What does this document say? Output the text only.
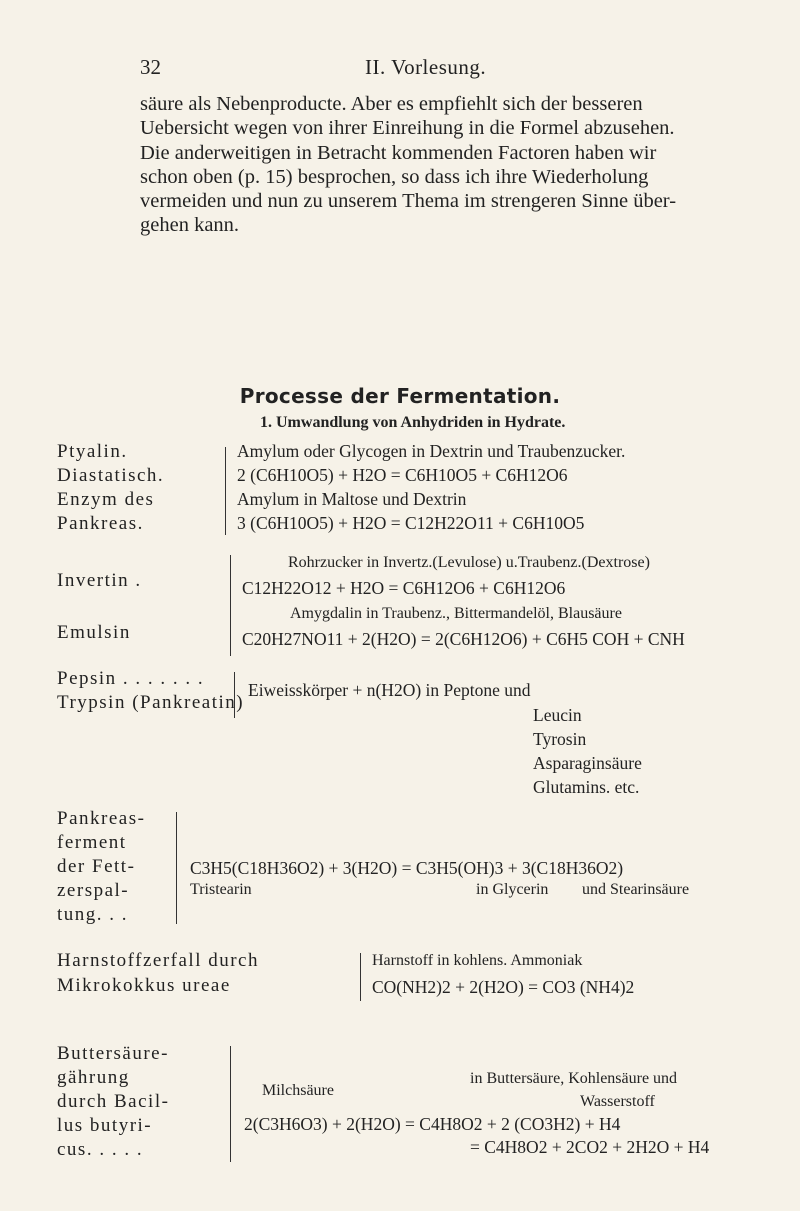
32	II. Vorlesung.
säure als Nebenproducte. Aber es empfiehlt sich der besseren
Uebersicht wegen von ihrer Einreihung in die Formel abzusehen.
Die anderweitigen in Betracht kommenden Factoren haben wir
schon oben (p. 15) besprochen, so dass ich ihre Wiederholung
vermeiden und nun zu unserem Thema im strengeren Sinne über-
gehen kann.
Processe der Fermentation.
1. Umwandlung von Anhydriden in Hydrate.
Ptyalin.
Diastatisch.
Enzym des
Pankreas.
Amylum oder Glycogen in Dextrin und Traubenzucker.
2 (C6H10O5) + H2O = C6H10O5 + C6H12O6
Amylum in Maltose und Dextrin
3 (C6H10O5) + H2O = C12H22O11 + C6H10O5
Invertin .
Rohrzucker in Invertz.(Levulose) u.Traubenz.(Dextrose)
C12H22O12 + H2O = C6H12O6 + C6H12O6
Emulsin
Amygdalin in Traubenz., Bittermandelöl, Blausäure
C20H27NO11 + 2(H2O) = 2(C6H12O6) + C6H5 COH + CNH
Pepsin . . . . . . .
Trypsin (Pankreatin)
Eiweisskörper + n(H2O) in Peptone und
Leucin
Tyrosin
Asparaginsäure
Glutamins. etc.
Pankreas-
ferment
der Fett-
zerspal-
tung. . .
C3H5(C18H36O2) + 3(H2O) = C3H5(OH)3 + 3(C18H36O2)
Tristearin	in Glycerin und Stearinsäure
Harnstoffzerfall durch
Mikrokokkus ureae
Harnstoff in kohlens. Ammoniak
CO(NH2)2 + 2(H2O) = CO3 (NH4)2
Buttersäure-
gährung
durch Bacil-
lus butyri-
cus. . . . .
Milchsäure
in Buttersäure, Kohlensäure und
Wasserstoff
2(C3H6O3) + 2(H2O) = C4H8O2 + 2 (CO3H2) + H4
= C4H8O2 + 2CO2 + 2H2O + H4
